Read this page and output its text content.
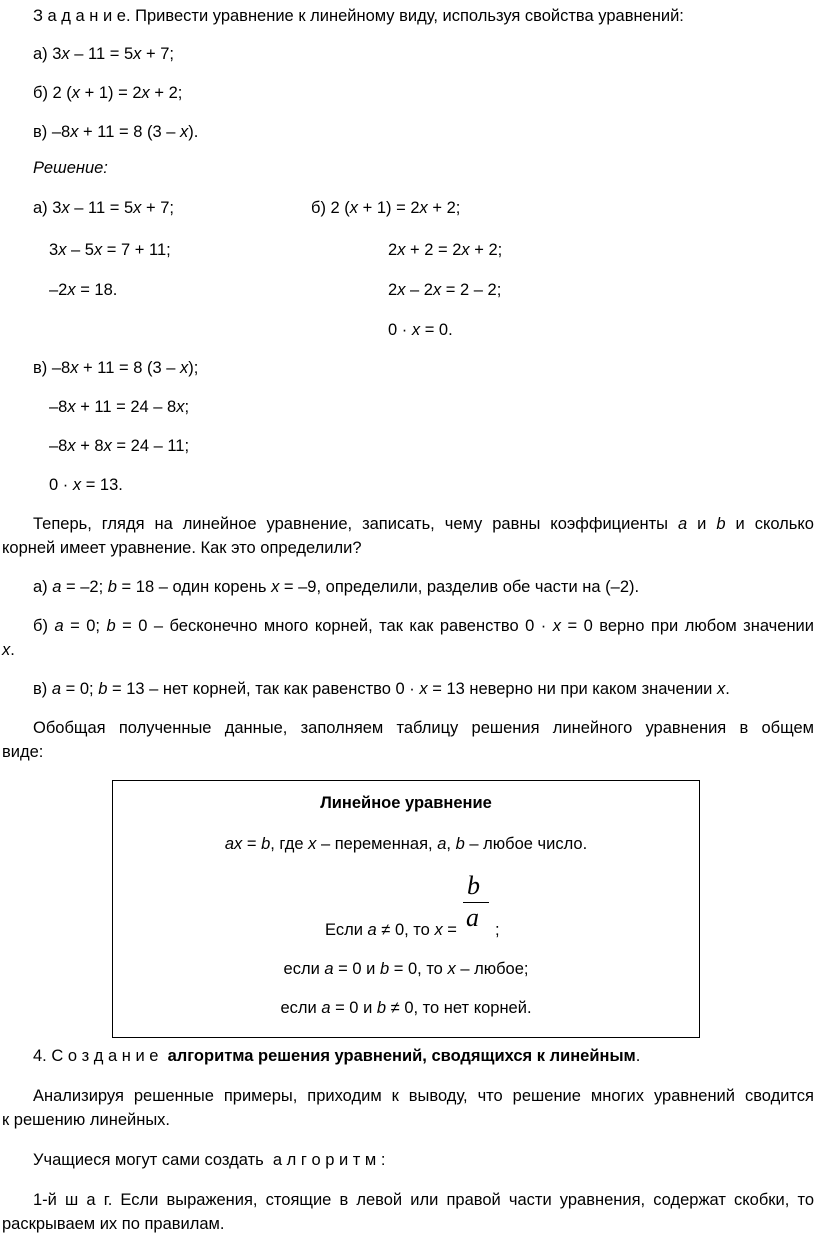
З а д а н и е. Привести уравнение к линейному виду, используя свойства уравнений:
а) 3x – 11 = 5x + 7;
б) 2 (x + 1) = 2x + 2;
в) –8x + 11 = 8 (3 – x).
Решение:
а) 3x – 11 = 5x + 7;
3x – 5x = 7 + 11;
–2x = 18.
б) 2 (x + 1) = 2x + 2;
2x + 2 = 2x + 2;
2x – 2x = 2 – 2;
0 · x = 0.
в) –8x + 11 = 8 (3 – x);
–8x + 11 = 24 – 8x;
–8x + 8x = 24 – 11;
0 · x = 13.
Теперь, глядя на линейное уравнение, записать, чему равны коэффициенты a и b и сколько
корней имеет уравнение. Как это определили?
а) a = –2; b = 18 – один корень x = –9, определили, разделив обе части на (–2).
б) a = 0; b = 0 – бесконечно много корней, так как равенство 0 · x = 0 верно при любом значении
x.
в) a = 0; b = 13 – нет корней, так как равенство 0 · x = 13 неверно ни при каком значении x.
Обобщая полученные данные, заполняем таблицу решения линейного уравнения в общем
виде:
Линейное уравнение
ax = b, где x – переменная, a, b – любое число.
Если a ≠ 0, то x =
b
a ;
если a = 0 и b = 0, то x – любое;
если a = 0 и b ≠ 0, то нет корней.
4. С о з д а н и е алгоритма решения уравнений, сводящихся к линейным.
Анализируя решенные примеры, приходим к выводу, что решение многих уравнений сводится
к решению линейных.
Учащиеся могут сами создать а л г о р и т м :
1-й ш а г. Если выражения, стоящие в левой или правой части уравнения, содержат скобки, то
раскрываем их по правилам.
